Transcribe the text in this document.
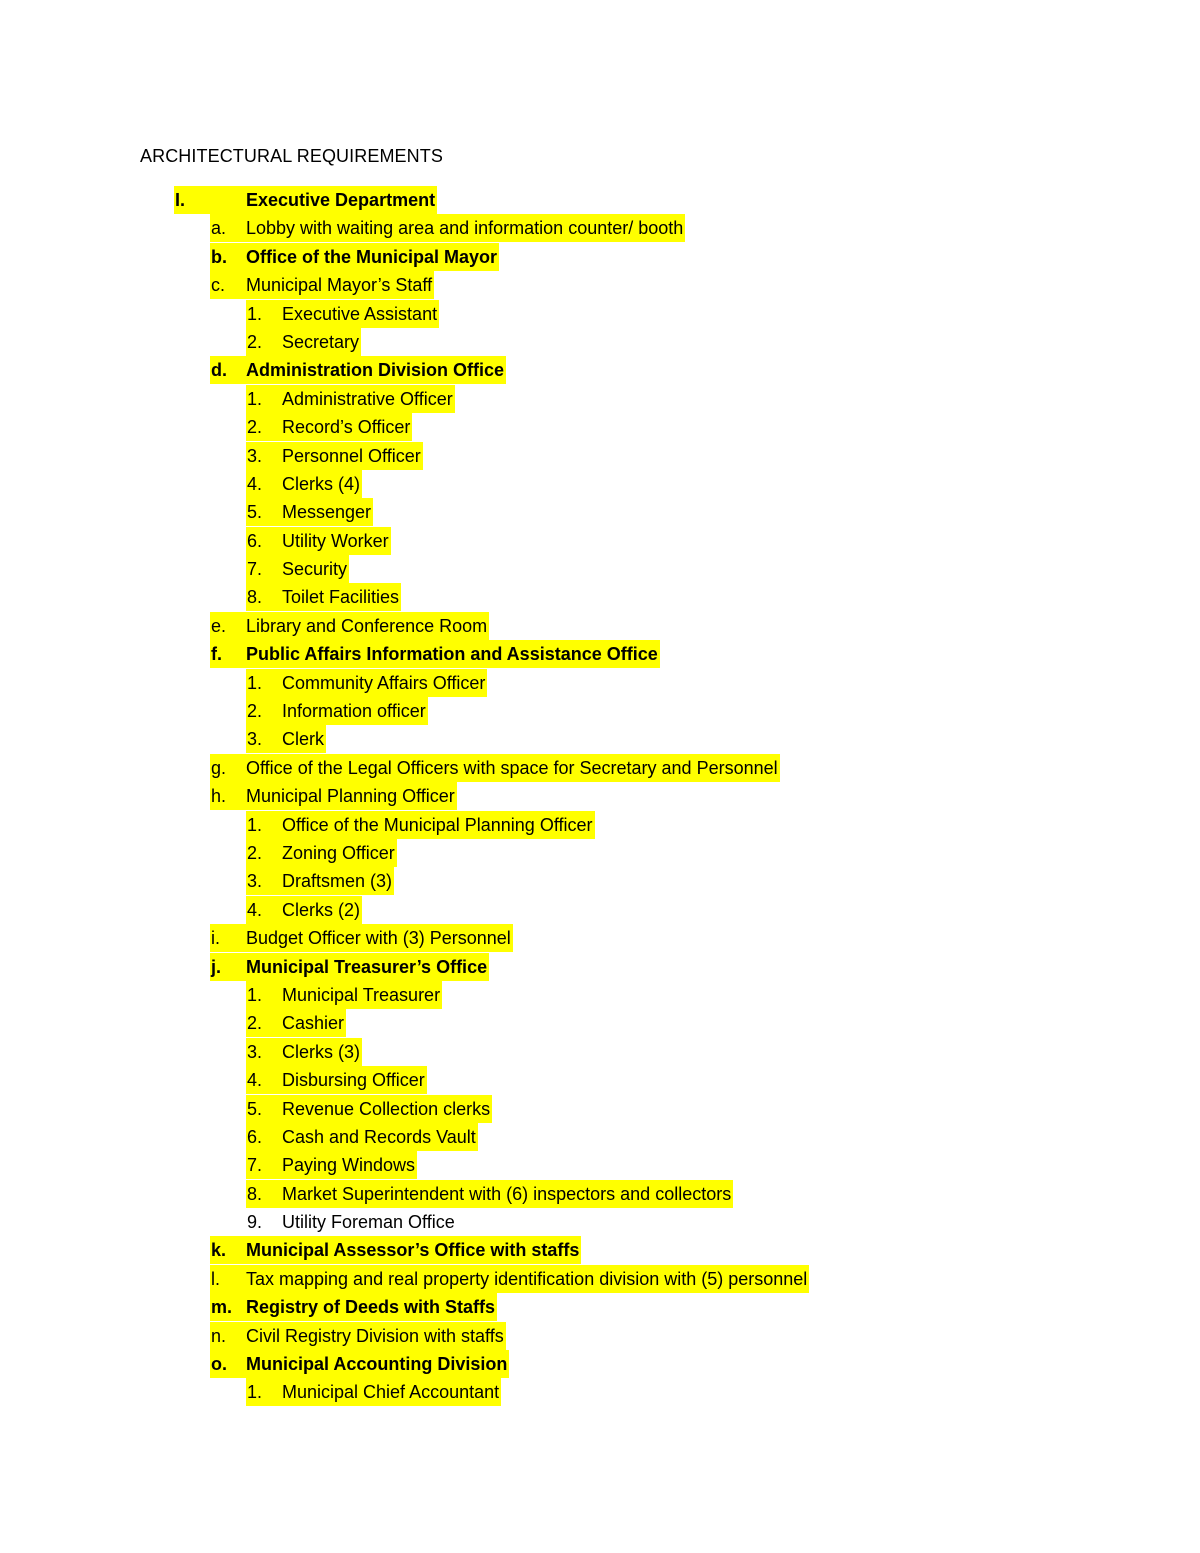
ARCHITECTURAL REQUIREMENTS
I.	Executive Department
a.	Lobby with waiting area and information counter/ booth
b.	Office of the Municipal Mayor
c.	Municipal Mayor’s Staff
1.	Executive Assistant
2.	Secretary
d.	Administration Division Office
1.	Administrative Officer
2.	Record’s Officer
3.	Personnel Officer
4.	Clerks (4)
5.	Messenger
6.	Utility Worker
7.	Security
8.	Toilet Facilities
e.	Library and Conference Room
f.	Public Affairs Information and Assistance Office
1.	Community Affairs Officer
2.	Information officer
3.	Clerk
g.	Office of the Legal Officers with space for Secretary and Personnel
h.	Municipal Planning Officer
1.	Office of the Municipal Planning Officer
2.	Zoning Officer
3.	Draftsmen (3)
4.	Clerks (2)
i.	Budget Officer with (3) Personnel
j.	Municipal Treasurer’s Office
1.	Municipal Treasurer
2.	Cashier
3.	Clerks (3)
4.	Disbursing Officer
5.	Revenue Collection clerks
6.	Cash and Records Vault
7.	Paying Windows
8.	Market Superintendent with (6) inspectors and collectors
9.	Utility Foreman Office
k.	Municipal Assessor’s Office with staffs
l.	Tax mapping and real property identification division with (5) personnel
m. Registry of Deeds with Staffs
n.	Civil Registry Division with staffs
o.	Municipal Accounting Division
1.	Municipal Chief Accountant
